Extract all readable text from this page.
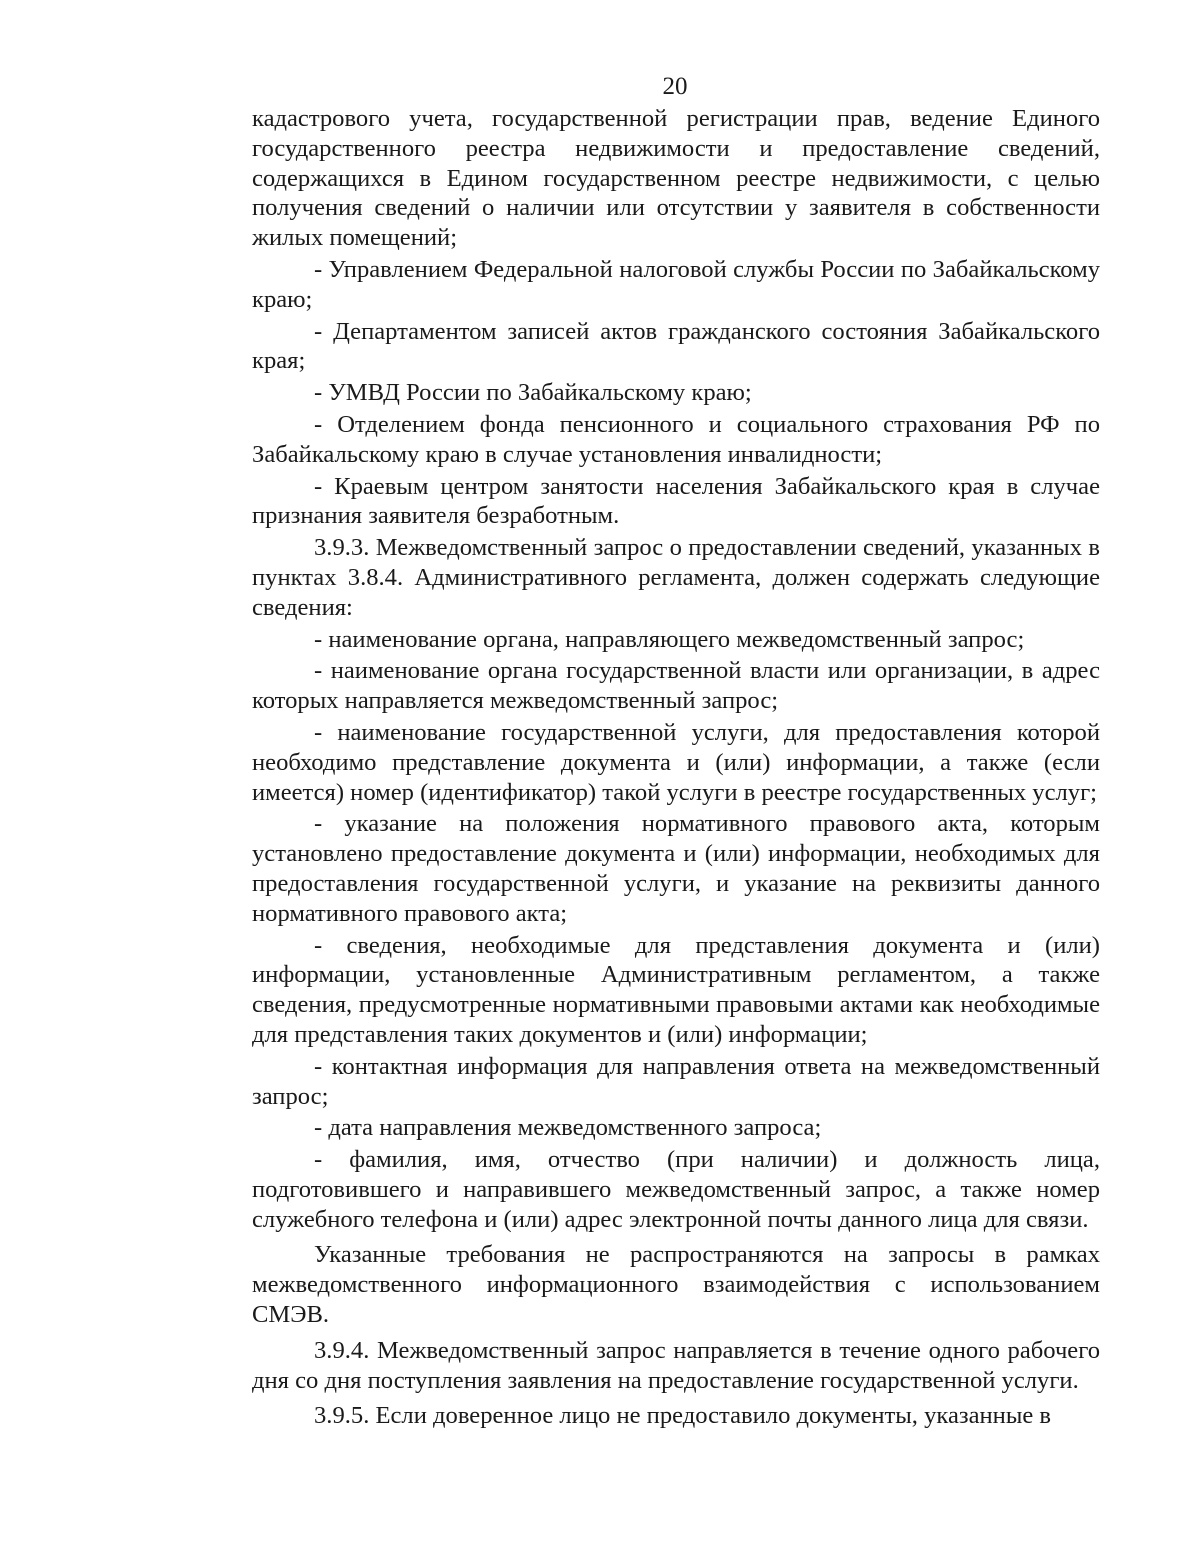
20

кадастрового учета, государственной регистрации прав, ведение Единого государственного реестра недвижимости и предоставление сведений, содержащихся в Едином государственном реестре недвижимости, с целью получения сведений о наличии или отсутствии у заявителя в собственности жилых помещений;

- Управлением Федеральной налоговой службы России по Забайкальскому краю;

- Департаментом записей актов гражданского состояния Забайкальского края;

- УМВД России по Забайкальскому краю;

- Отделением фонда пенсионного и социального страхования РФ по Забайкальскому краю в случае установления инвалидности;

- Краевым центром занятости населения Забайкальского края в случае признания заявителя безработным.

3.9.3. Межведомственный запрос о предоставлении сведений, указанных в пунктах 3.8.4. Административного регламента, должен содержать следующие сведения:

- наименование органа, направляющего межведомственный запрос;

- наименование органа государственной власти или организации, в адрес которых направляется межведомственный запрос;

- наименование государственной услуги, для предоставления которой необходимо представление документа и (или) информации, а также (если имеется) номер (идентификатор) такой услуги в реестре государственных услуг;

- указание на положения нормативного правового акта, которым установлено предоставление документа и (или) информации, необходимых для предоставления государственной услуги, и указание на реквизиты данного нормативного правового акта;

- сведения, необходимые для представления документа и (или) информации, установленные Административным регламентом, а также сведения, предусмотренные нормативными правовыми актами как необходимые для представления таких документов и (или) информации;

- контактная информация для направления ответа на межведомственный запрос;

- дата направления межведомственного запроса;

- фамилия, имя, отчество (при наличии) и должность лица, подготовившего и направившего межведомственный запрос, а также номер служебного телефона и (или) адрес электронной почты данного лица для связи.

Указанные требования не распространяются на запросы в рамках межведомственного информационного взаимодействия с использованием СМЭВ.

3.9.4. Межведомственный запрос направляется в течение одного рабочего дня со дня поступления заявления на предоставление государственной услуги.

3.9.5. Если доверенное лицо не предоставило документы, указанные в
